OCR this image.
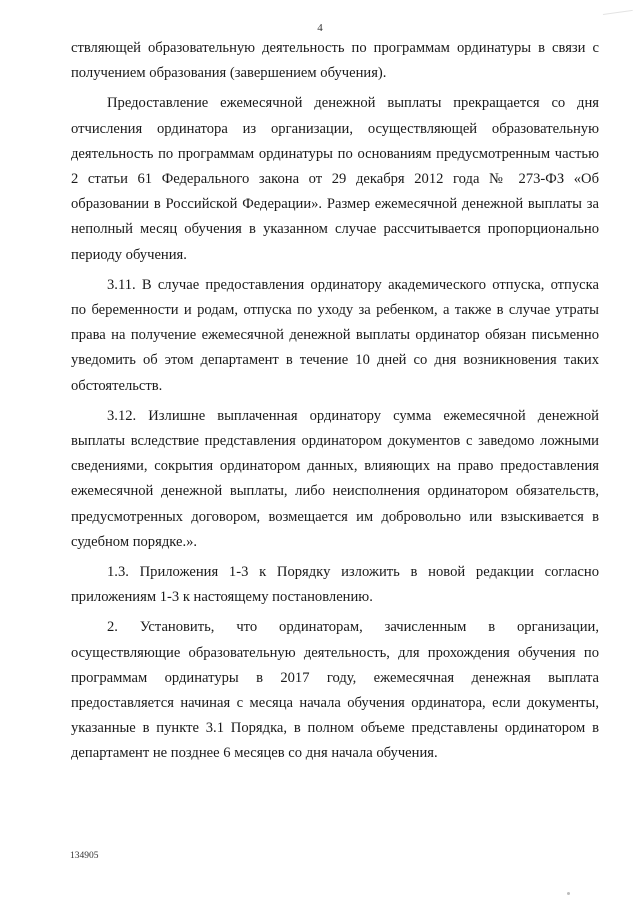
4

ствляющей образовательную деятельность по программам ординатуры в связи с получением образования (завершением обучения).

Предоставление ежемесячной денежной выплаты прекращается со дня отчисления ординатора из организации, осуществляющей образовательную деятельность по программам ординатуры по основаниям предусмотренным частью 2 статьи 61 Федерального закона от 29 декабря 2012 года № 273-ФЗ «Об образовании в Российской Федерации». Размер ежемесячной денежной выплаты за неполный месяц обучения в указанном случае рассчитывается пропорционально периоду обучения.

3.11. В случае предоставления ординатору академического отпуска, отпуска по беременности и родам, отпуска по уходу за ребенком, а также в случае утраты права на получение ежемесячной денежной выплаты ординатор обязан письменно уведомить об этом департамент в течение 10 дней со дня возникновения таких обстоятельств.

3.12. Излишне выплаченная ординатору сумма ежемесячной денежной выплаты вследствие представления ординатором документов с заведомо ложными сведениями, сокрытия ординатором данных, влияющих на право предоставления ежемесячной денежной выплаты, либо неисполнения ординатором обязательств, предусмотренных договором, возмещается им добровольно или взыскивается в судебном порядке.».

1.3. Приложения 1-3 к Порядку изложить в новой редакции согласно приложениям 1-3 к настоящему постановлению.

2. Установить, что ординаторам, зачисленным в организации, осуществляющие образовательную деятельность, для прохождения обучения по программам ординатуры в 2017 году, ежемесячная денежная выплата предоставляется начиная с месяца начала обучения ординатора, если документы, указанные в пункте 3.1 Порядка, в полном объеме представлены ординатором в департамент не позднее 6 месяцев со дня начала обучения.

134905
